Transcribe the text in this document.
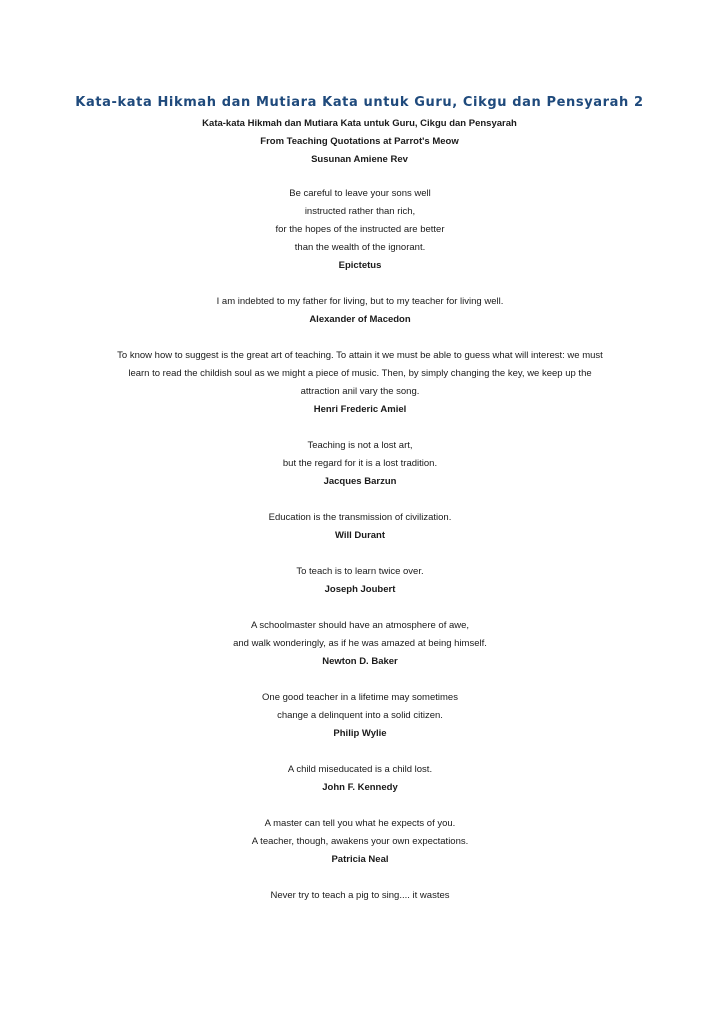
Kata-kata Hikmah dan Mutiara Kata untuk Guru, Cikgu dan Pensyarah 2
Kata-kata Hikmah dan Mutiara Kata untuk Guru, Cikgu dan Pensyarah
From Teaching Quotations at Parrot's Meow
Susunan Amiene Rev
Be careful to leave your sons well
instructed rather than rich,
for the hopes of the instructed are better
than the wealth of the ignorant.
Epictetus
I am indebted to my father for living, but to my teacher for living well.
Alexander of Macedon
To know how to suggest is the great art of teaching. To attain it we must be able to guess what will interest: we must
learn to read the childish soul as we might a piece of music. Then, by simply changing the key, we keep up the
attraction anil vary the song.
Henri Frederic Amiel
Teaching is not a lost art,
but the regard for it is a lost tradition.
Jacques Barzun
Education is the transmission of civilization.
Will Durant
To teach is to learn twice over.
Joseph Joubert
A schoolmaster should have an atmosphere of awe,
and walk wonderingly, as if he was amazed at being himself.
Newton D. Baker
One good teacher in a lifetime may sometimes
change a delinquent into a solid citizen.
Philip Wylie
A child miseducated is a child lost.
John F. Kennedy
A master can tell you what he expects of you.
A teacher, though, awakens your own expectations.
Patricia Neal
Never try to teach a pig to sing.... it wastes
